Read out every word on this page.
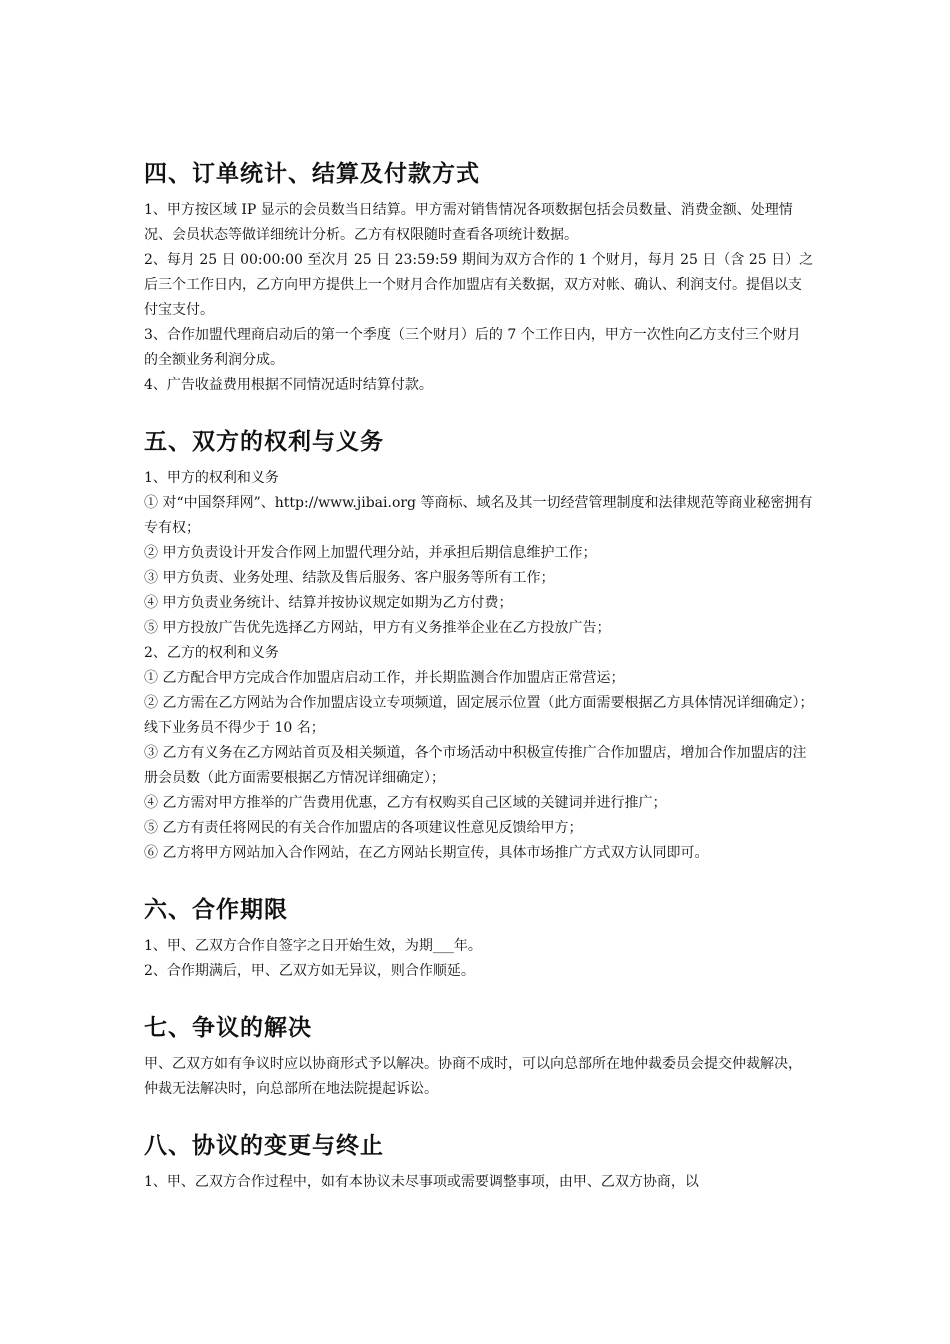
四、订单统计、结算及付款方式

1、甲方按区域 IP 显示的会员数当日结算。甲方需对销售情况各项数据包括会员数量、消费金额、处理情况、会员状态等做详细统计分析。乙方有权限随时查看各项统计数据。

2、每月 25 日 00:00:00 至次月 25 日 23:59:59 期间为双方合作的 1 个财月，每月 25 日（含 25 日）之后三个工作日内，乙方向甲方提供上一个财月合作加盟店有关数据，双方对帐、确认、利润支付。提倡以支付宝支付。

3、合作加盟代理商启动后的第一个季度（三个财月）后的 7 个工作日内，甲方一次性向乙方支付三个财月的全额业务利润分成。

4、广告收益费用根据不同情况适时结算付款。

五、双方的权利与义务

1、甲方的权利和义务

① 对“中国祭拜网”、http://www.jibai.org 等商标、域名及其一切经营管理制度和法律规范等商业秘密拥有专有权；

② 甲方负责设计开发合作网上加盟代理分站，并承担后期信息维护工作；

③ 甲方负责、业务处理、结款及售后服务、客户服务等所有工作；

④ 甲方负责业务统计、结算并按协议规定如期为乙方付费；

⑤ 甲方投放广告优先选择乙方网站，甲方有义务推举企业在乙方投放广告；

2、乙方的权利和义务

① 乙方配合甲方完成合作加盟店启动工作，并长期监测合作加盟店正常营运；

② 乙方需在乙方网站为合作加盟店设立专项频道，固定展示位置（此方面需要根据乙方具体情况详细确定）；线下业务员不得少于 10 名；

③ 乙方有义务在乙方网站首页及相关频道，各个市场活动中积极宣传推广合作加盟店，增加合作加盟店的注册会员数（此方面需要根据乙方情况详细确定）；

④ 乙方需对甲方推举的广告费用优惠，乙方有权购买自己区域的关键词并进行推广；

⑤ 乙方有责任将网民的有关合作加盟店的各项建议性意见反馈给甲方；

⑥ 乙方将甲方网站加入合作网站，在乙方网站长期宣传，具体市场推广方式双方认同即可。

六、合作期限

1、甲、乙双方合作自签字之日开始生效，为期___年。

2、合作期满后，甲、乙双方如无异议，则合作顺延。

七、争议的解决

甲、乙双方如有争议时应以协商形式予以解决。协商不成时，可以向总部所在地仲裁委员会提交仲裁解决，仲裁无法解决时，向总部所在地法院提起诉讼。

八、协议的变更与终止

1、甲、乙双方合作过程中，如有本协议未尽事项或需要调整事项，由甲、乙双方协商，以
